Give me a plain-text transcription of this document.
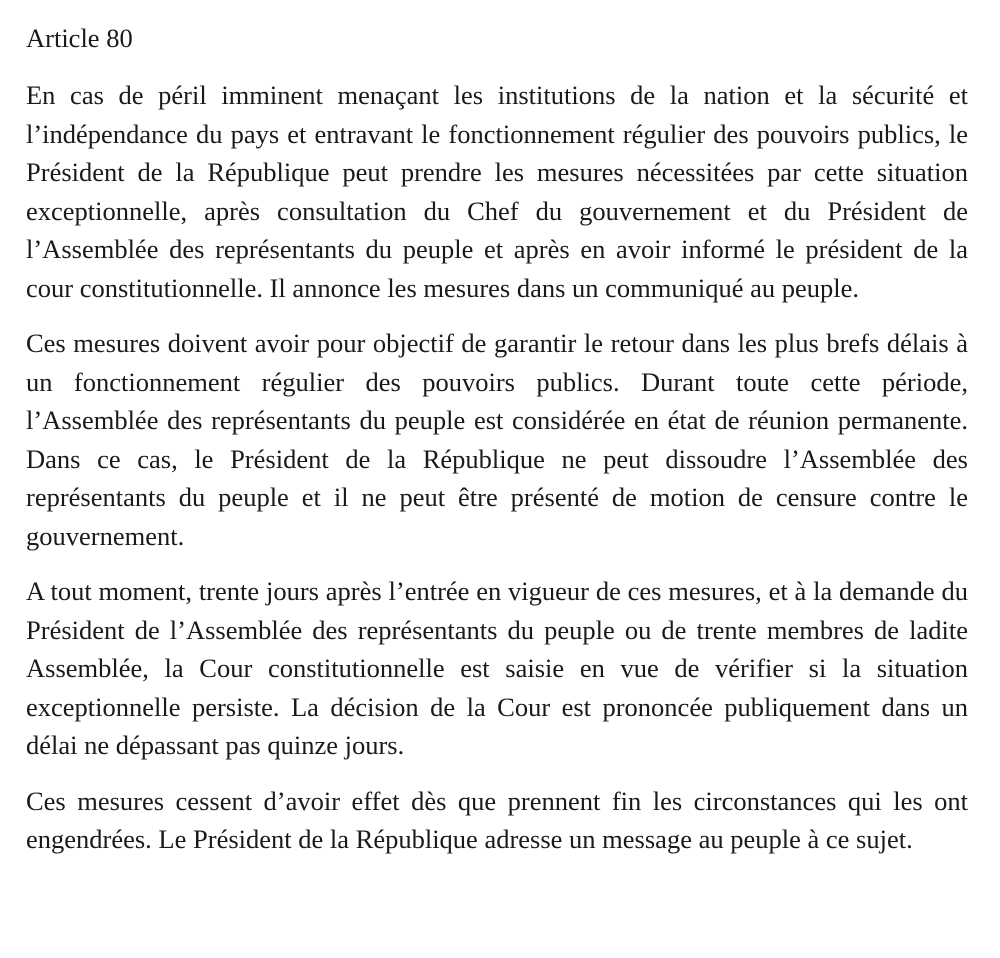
Article 80

En cas de péril imminent menaçant les institutions de la nation et la sécurité et l’indépendance du pays et entravant le fonctionnement régulier des pouvoirs publics, le Président de la République peut prendre les mesures nécessitées par cette situation exceptionnelle, après consultation du Chef du gouvernement et du Président de l’Assemblée des représentants du peuple et après en avoir informé le président de la cour constitutionnelle. Il annonce les mesures dans un communiqué au peuple.

Ces mesures doivent avoir pour objectif de garantir le retour dans les plus brefs délais à un fonctionnement régulier des pouvoirs publics. Durant toute cette période, l’Assemblée des représentants du peuple est considérée en état de réunion permanente. Dans ce cas, le Président de la République ne peut dissoudre l’Assemblée des représentants du peuple et il ne peut être présenté de motion de censure contre le gouvernement.

A tout moment, trente jours après l’entrée en vigueur de ces mesures, et à la demande du Président de l’Assemblée des représentants du peuple ou de trente membres de ladite Assemblée, la Cour constitutionnelle est saisie en vue de vérifier si la situation exceptionnelle persiste. La décision de la Cour est prononcée publiquement dans un délai ne dépassant pas quinze jours.

Ces mesures cessent d’avoir effet dès que prennent fin les circonstances qui les ont engendrées. Le Président de la République adresse un message au peuple à ce sujet.
